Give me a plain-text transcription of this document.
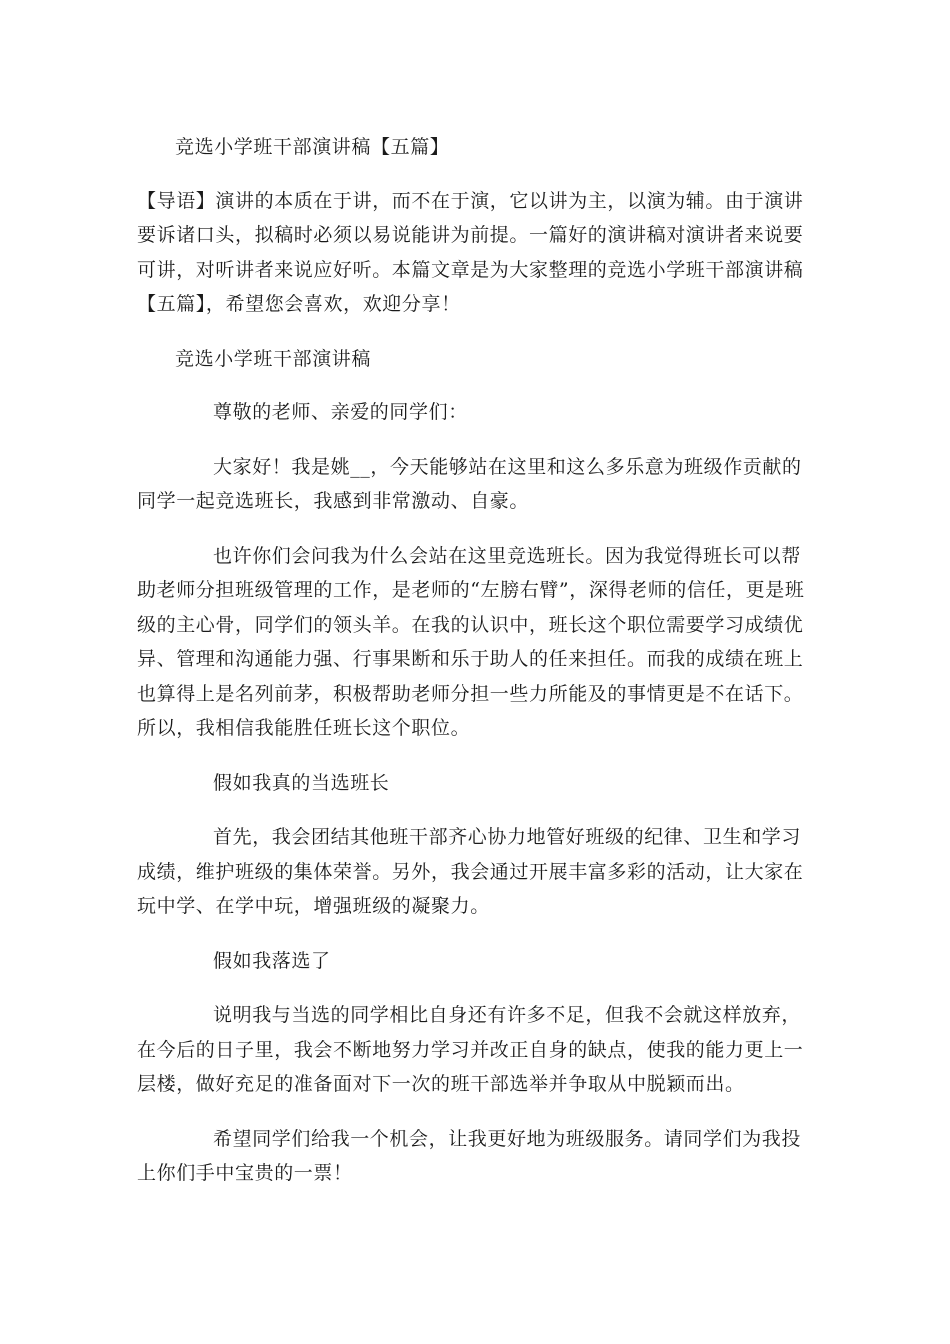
竞选小学班干部演讲稿【五篇】

【导语】演讲的本质在于讲，而不在于演，它以讲为主，以演为辅。由于演讲要诉诸口头，拟稿时必须以易说能讲为前提。一篇好的演讲稿对演讲者来说要可讲，对听讲者来说应好听。本篇文章是为大家整理的竞选小学班干部演讲稿【五篇】，希望您会喜欢，欢迎分享！

竞选小学班干部演讲稿

尊敬的老师、亲爱的同学们：

大家好！我是姚__，今天能够站在这里和这么多乐意为班级作贡献的同学一起竞选班长，我感到非常激动、自豪。

也许你们会问我为什么会站在这里竞选班长。因为我觉得班长可以帮助老师分担班级管理的工作，是老师的“左膀右臂”，深得老师的信任，更是班级的主心骨，同学们的领头羊。在我的认识中，班长这个职位需要学习成绩优异、管理和沟通能力强、行事果断和乐于助人的任来担任。而我的成绩在班上也算得上是名列前茅，积极帮助老师分担一些力所能及的事情更是不在话下。所以，我相信我能胜任班长这个职位。

假如我真的当选班长

首先，我会团结其他班干部齐心协力地管好班级的纪律、卫生和学习成绩，维护班级的集体荣誉。另外，我会通过开展丰富多彩的活动，让大家在玩中学、在学中玩，增强班级的凝聚力。

假如我落选了

说明我与当选的同学相比自身还有许多不足，但我不会就这样放弃，在今后的日子里，我会不断地努力学习并改正自身的缺点，使我的能力更上一层楼，做好充足的准备面对下一次的班干部选举并争取从中脱颖而出。

希望同学们给我一个机会，让我更好地为班级服务。请同学们为我投上你们手中宝贵的一票！
